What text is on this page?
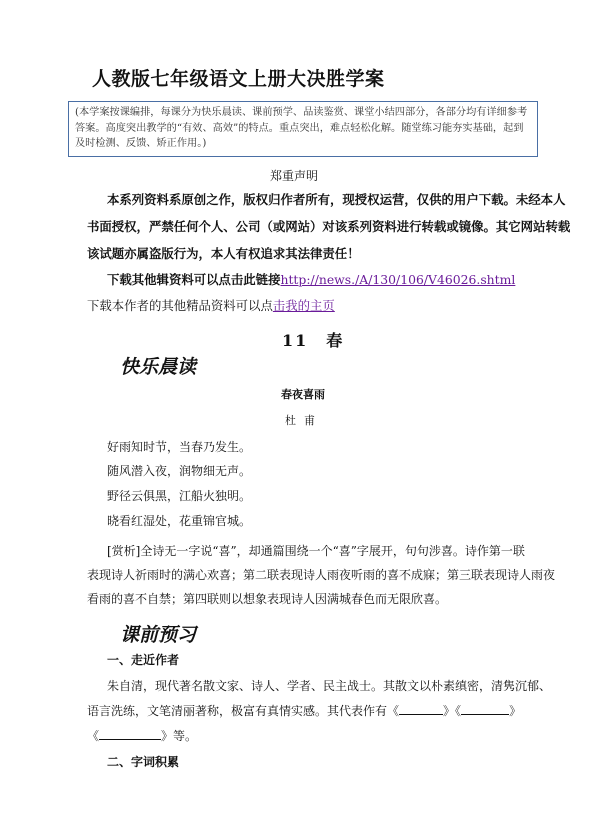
人教版七年级语文上册大决胜学案
(本学案按课编排，每课分为快乐晨读、课前预学、品读鉴赏、课堂小结四部分，各部分均有详细参考答案。高度突出教学的“有效、高效”的特点。重点突出，难点轻松化解。随堂练习能夯实基础，起到及时检测、反馈、矫正作用。)
郑重声明
本系列资料系原创之作，版权归作者所有，现授权运营，仅供的用户下载。未经本人
书面授权，严禁任何个人、公司（或网站）对该系列资料进行转载或镜像。其它网站转载
该试题亦属盗版行为，本人有权追求其法律责任！
下载其他辑资料可以点击此链接http://news./A/130/106/V46026.shtml
下载本作者的其他精品资料可以点击我的主页
11　春
快乐晨读
春夜喜雨
杜甫
好雨知时节，当春乃发生。
随风潜入夜，润物细无声。
野径云俱黑，江船火独明。
晓看红湿处，花重锦官城。
[赏析]全诗无一字说“喜”，却通篇围绕一个“喜”字展开，句句涉喜。诗作第一联
表现诗人祈雨时的满心欢喜；第二联表现诗人雨夜听雨的喜不成寐；第三联表现诗人雨夜
看雨的喜不自禁；第四联则以想象表现诗人因满城春色而无限欣喜。
课前预习
一、走近作者
朱自清，现代著名散文家、诗人、学者、民主战士。其散文以朴素缜密，清隽沉郁、
语言洗练，文笔清丽著称，极富有真情实感。其代表作有《	》《	》
《	》等。
二、字词积累
